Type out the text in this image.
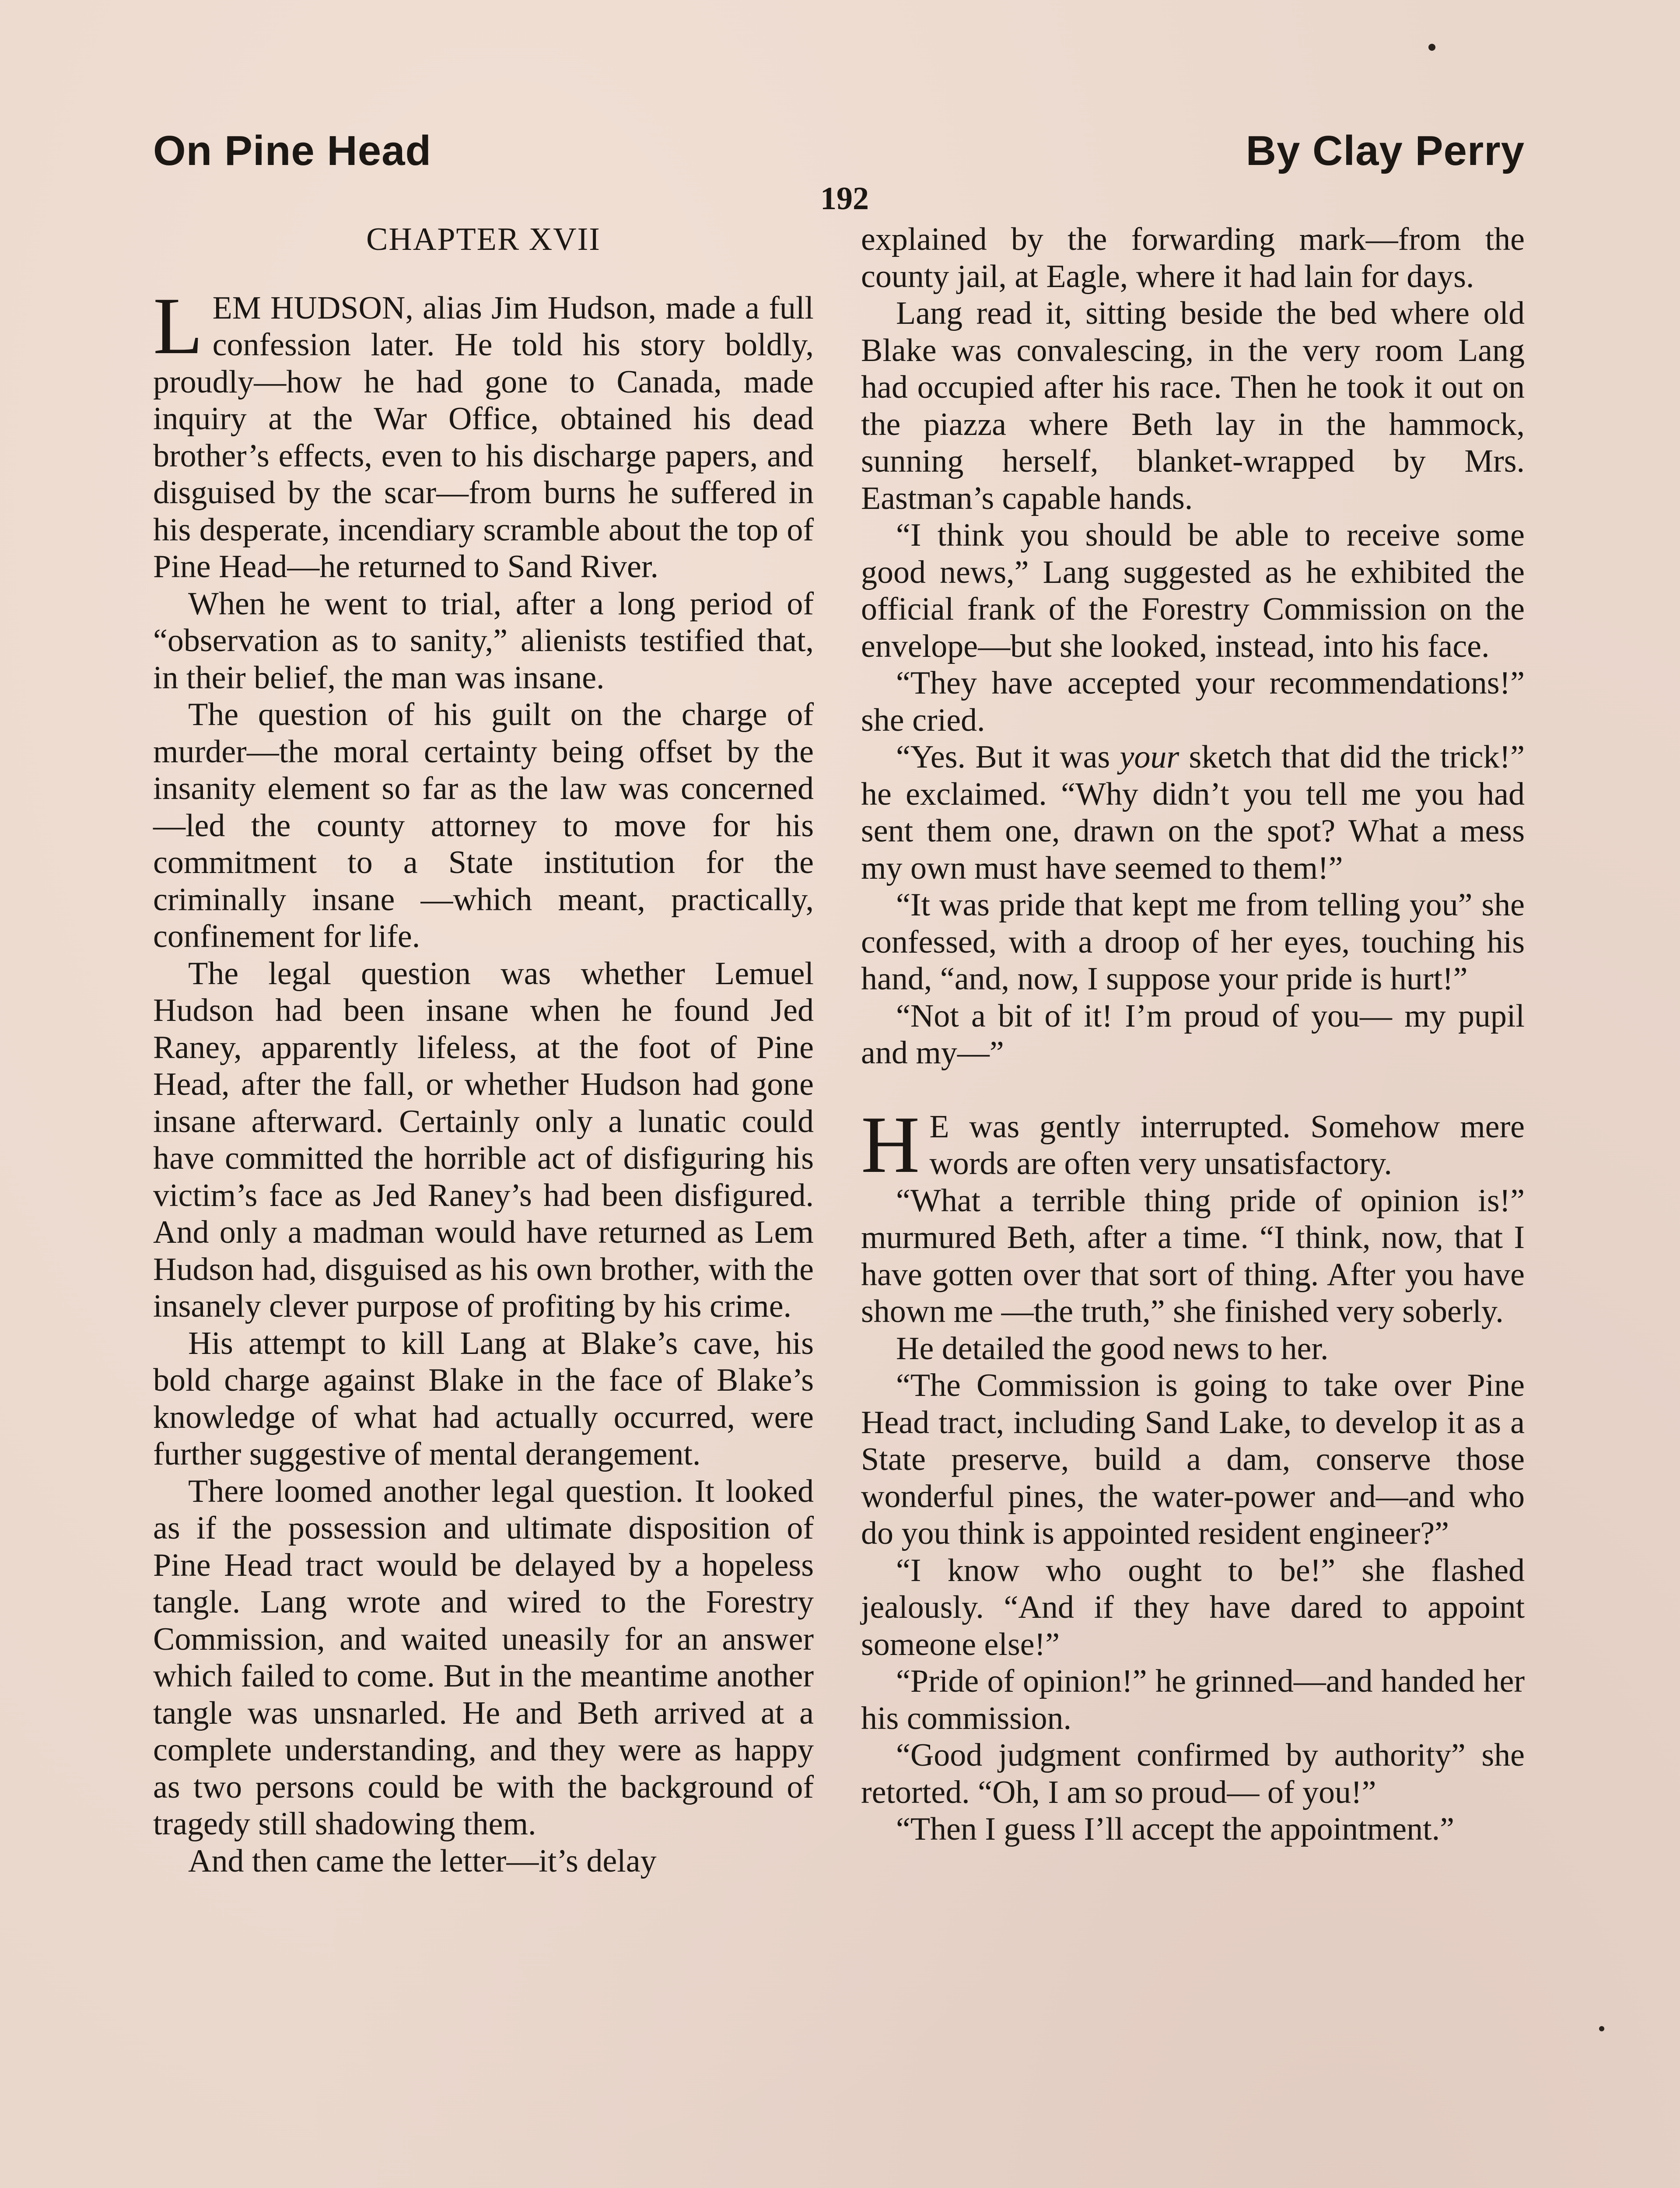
On Pine Head	By Clay Perry
192
CHAPTER XVII

LEM HUDSON, alias Jim Hudson, made a full confession later. He told his story boldly, proudly—how he had gone to Canada, made inquiry at the War Office, obtained his dead brother’s effects, even to his discharge papers, and disguised by the scar—from burns he suffered in his desperate, incendiary scramble about the top of Pine Head—he returned to Sand River.

When he went to trial, after a long period of “observation as to sanity,” alienists testified that, in their belief, the man was insane.

The question of his guilt on the charge of murder—the moral certainty being offset by the insanity element so far as the law was concerned—led the county attorney to move for his commitment to a State institution for the criminally insane —which meant, practically, confinement for life.

The legal question was whether Lemuel Hudson had been insane when he found Jed Raney, apparently lifeless, at the foot of Pine Head, after the fall, or whether Hudson had gone insane afterward. Certainly only a lunatic could have committed the horrible act of disfiguring his victim’s face as Jed Raney’s had been disfigured. And only a madman would have returned as Lem Hudson had, disguised as his own brother, with the insanely clever purpose of profiting by his crime.

His attempt to kill Lang at Blake’s cave, his bold charge against Blake in the face of Blake’s knowledge of what had actually occurred, were further suggestive of mental derangement.

There loomed another legal question. It looked as if the possession and ultimate disposition of Pine Head tract would be delayed by a hopeless tangle. Lang wrote and wired to the Forestry Commission, and waited uneasily for an answer which failed to come. But in the meantime another tangle was unsnarled. He and Beth arrived at a complete understanding, and they were as happy as two persons could be with the background of tragedy still shadowing them.

And then came the letter—it’s delay

explained by the forwarding mark—from the county jail, at Eagle, where it had lain for days.

Lang read it, sitting beside the bed where old Blake was convalescing, in the very room Lang had occupied after his race. Then he took it out on the piazza where Beth lay in the hammock, sunning herself, blanket-wrapped by Mrs. Eastman’s capable hands.

“I think you should be able to receive some good news,” Lang suggested as he exhibited the official frank of the Forestry Commission on the envelope—but she looked, instead, into his face.

“They have accepted your recommendations!” she cried.

“Yes. But it was your sketch that did the trick!” he exclaimed. “Why didn’t you tell me you had sent them one, drawn on the spot? What a mess my own must have seemed to them!”

“It was pride that kept me from telling you” she confessed, with a droop of her eyes, touching his hand, “and, now, I suppose your pride is hurt!”

“Not a bit of it! I’m proud of you— my pupil and my—”

H E was gently interrupted. Somehow mere words are often very unsatisfactory.

“What a terrible thing pride of opinion is!” murmured Beth, after a time. “I think, now, that I have gotten over that sort of thing. After you have shown me —the truth,” she finished very soberly.

He detailed the good news to her.

“The Commission is going to take over Pine Head tract, including Sand Lake, to develop it as a State preserve, build a dam, conserve those wonderful pines, the water-power and—and who do you think is appointed resident engineer?”

“I know who ought to be!” she flashed jealously. “And if they have dared to appoint someone else!”

“Pride of opinion!” he grinned—and handed her his commission.

“Good judgment confirmed by authority” she retorted. “Oh, I am so proud— of you!”

“Then I guess I’ll accept the appointment.”
